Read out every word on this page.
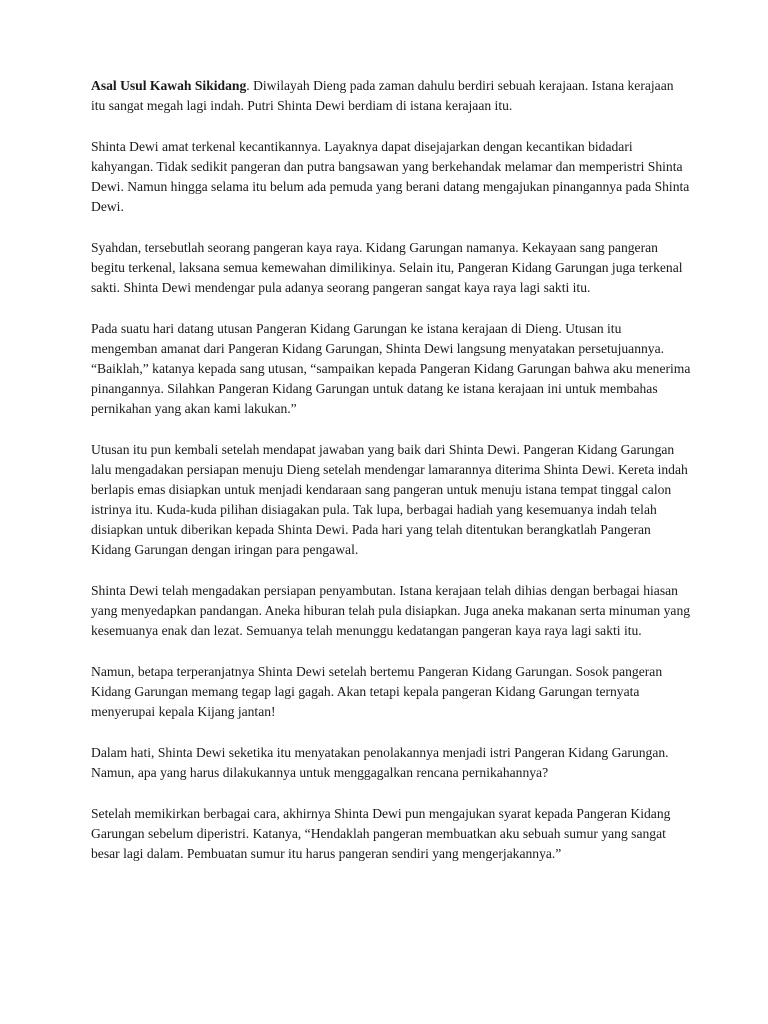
Asal Usul Kawah Sikidang. Diwilayah Dieng pada zaman dahulu berdiri sebuah kerajaan. Istana kerajaan itu sangat megah lagi indah. Putri Shinta Dewi berdiam di istana kerajaan itu.

Shinta Dewi amat terkenal kecantikannya. Layaknya dapat disejajarkan dengan kecantikan bidadari kahyangan. Tidak sedikit pangeran dan putra bangsawan yang berkehandak melamar dan memperistri Shinta Dewi. Namun hingga selama itu belum ada pemuda yang berani datang mengajukan pinangannya pada Shinta Dewi.

Syahdan, tersebutlah seorang pangeran kaya raya. Kidang Garungan namanya. Kekayaan sang pangeran begitu terkenal, laksana semua kemewahan dimilikinya. Selain itu, Pangeran Kidang Garungan juga terkenal sakti. Shinta Dewi mendengar pula adanya seorang pangeran sangat kaya raya lagi sakti itu.

Pada suatu hari datang utusan Pangeran Kidang Garungan ke istana kerajaan di Dieng. Utusan itu mengemban amanat dari Pangeran Kidang Garungan, Shinta Dewi langsung menyatakan persetujuannya. “Baiklah,” katanya kepada sang utusan, “sampaikan kepada Pangeran Kidang Garungan bahwa aku menerima pinangannya. Silahkan Pangeran Kidang Garungan untuk datang ke istana kerajaan ini untuk membahas pernikahan yang akan kami lakukan.”

Utusan itu pun kembali setelah mendapat jawaban yang baik dari Shinta Dewi. Pangeran Kidang Garungan lalu mengadakan persiapan menuju Dieng setelah mendengar lamarannya diterima Shinta Dewi. Kereta indah berlapis emas disiapkan untuk menjadi kendaraan sang pangeran untuk menuju istana tempat tinggal calon istrinya itu. Kuda-kuda pilihan disiagakan pula. Tak lupa, berbagai hadiah yang kesemuanya indah telah disiapkan untuk diberikan kepada Shinta Dewi. Pada hari yang telah ditentukan berangkatlah Pangeran Kidang Garungan dengan iringan para pengawal.

Shinta Dewi telah mengadakan persiapan penyambutan. Istana kerajaan telah dihias dengan berbagai hiasan yang menyedapkan pandangan. Aneka hiburan telah pula disiapkan. Juga aneka makanan serta minuman yang kesemuanya enak dan lezat. Semuanya telah menunggu kedatangan pangeran kaya raya lagi sakti itu.

Namun, betapa terperanjatnya Shinta Dewi setelah bertemu Pangeran Kidang Garungan. Sosok pangeran Kidang Garungan memang tegap lagi gagah. Akan tetapi kepala pangeran Kidang Garungan ternyata menyerupai kepala Kijang jantan!

Dalam hati, Shinta Dewi seketika itu menyatakan penolakannya menjadi istri Pangeran Kidang Garungan. Namun, apa yang harus dilakukannya untuk menggagalkan rencana pernikahannya?

Setelah memikirkan berbagai cara, akhirnya Shinta Dewi pun mengajukan syarat kepada Pangeran Kidang Garungan sebelum diperistri. Katanya, “Hendaklah pangeran membuatkan aku sebuah sumur yang sangat besar lagi dalam. Pembuatan sumur itu harus pangeran sendiri yang mengerjakannya.”
